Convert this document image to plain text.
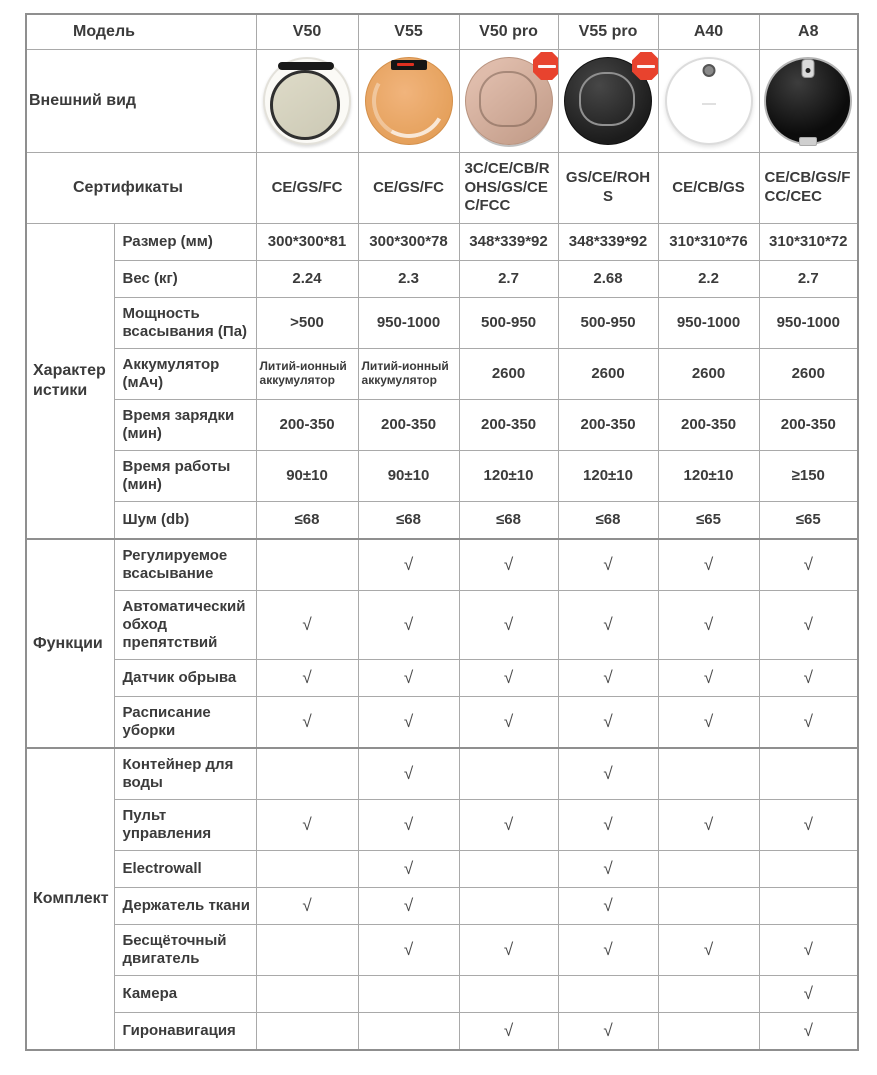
Модель		V50	V55	V50 pro	V55 pro	A40	A8
Внешний вид		

Сертификаты		CE/GS/FC	CE/GS/FC	3C/CE/CB/ROHS/GS/CEC/FCC	GS/CE/ROHS	CE/CB/GS	CE/CB/GS/FCC/CEC
Характеристики	Размер (мм)	300*300*81	300*300*78	348*339*92	348*339*92	310*310*76	310*310*72
	Вес (кг)	2.24	2.3	2.7	2.68	2.2	2.7
	Мощность всасывания (Па)	>500	950-1000	500-950	500-950	950-1000	950-1000
	Аккумулятор (мАч)	Литий-ионный аккумулятор	Литий-ионный аккумулятор	2600	2600	2600	2600
	Время зарядки (мин)	200-350	200-350	200-350	200-350	200-350	200-350
	Время работы (мин)	90±10	90±10	120±10	120±10	120±10	≥150
	Шум (db)	≤68	≤68	≤68	≤68	≤65	≤65
Функции	Регулируемое всасывание		√	√	√	√	√
	Автоматический обход препятствий	√	√	√	√	√	√
	Датчик обрыва	√	√	√	√	√	√
	Расписание уборки	√	√	√	√	√	√
Комплект	Контейнер для воды		√		√		
	Пульт управления	√	√	√	√	√	√
	Electrowall		√		√		
	Держатель ткани	√	√		√		
	Бесщёточный двигатель		√	√	√	√	√
	Камера						√
	Гиронавигация			√	√		√
